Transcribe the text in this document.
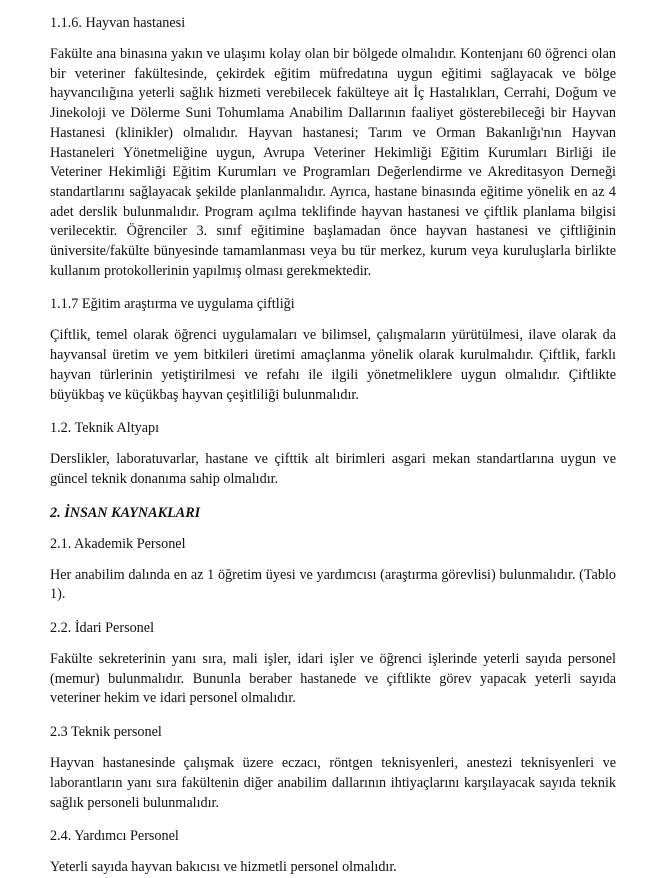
1.1.6. Hayvan hastanesi

Fakülte ana binasına yakın ve ulaşımı kolay olan bir bölgede olmalıdır. Kontenjanı 60 öğrenci olan bir veteriner fakültesinde, çekirdek eğitim müfredatına uygun eğitimi sağlayacak ve bölge hayvancılığına yeterli sağlık hizmeti verebilecek fakülteye ait İç Hastalıkları, Cerrahi, Doğum ve Jinekoloji ve Dölerme Suni Tohumlama Anabilim Dallarının faaliyet gösterebileceği bir Hayvan Hastanesi (klinikler) olmalıdır. Hayvan hastanesi; Tarım ve Orman Bakanlığı'nın Hayvan Hastaneleri Yönetmeliğine uygun, Avrupa Veteriner Hekimliği Eğitim Kurumları Birliği ile Veteriner Hekimliği Eğitim Kurumları ve Programları Değerlendirme ve Akreditasyon Derneği standartlarını sağlayacak şekilde planlanmalıdır. Ayrıca, hastane binasında eğitime yönelik en az 4 adet derslik bulunmalıdır. Program açılma teklifinde hayvan hastanesi ve çiftlik planlama bilgisi verilecektir. Öğrenciler 3. sınıf eğitimine başlamadan önce hayvan hastanesi ve çiftliğinin üniversite/fakülte bünyesinde tamamlanması veya bu tür merkez, kurum veya kuruluşlarla birlikte kullanım protokollerinin yapılmış olması gerekmektedir.

1.1.7 Eğitim araştırma ve uygulama çiftliği

Çiftlik, temel olarak öğrenci uygulamaları ve bilimsel, çalışmaların yürütülmesi, ilave olarak da hayvansal üretim ve yem bitkileri üretimi amaçlanma yönelik olarak kurulmalıdır. Çiftlik, farklı hayvan türlerinin yetiştirilmesi ve refahı ile ilgili yönetmeliklere uygun olmalıdır. Çiftlikte büyükbaş ve küçükbaş hayvan çeşitliliği bulunmalıdır.

1.2. Teknik Altyapı

Derslikler, laboratuvarlar, hastane ve çifttik alt birimleri asgari mekan standartlarına uygun ve güncel teknik donanıma sahip olmalıdır.

2. İNSAN KAYNAKLARI
2.1. Akademik Personel

Her anabilim dalında en az 1 öğretim üyesi ve yardımcısı (araştırma görevlisi) bulunmalıdır. (Tablo 1).

2.2. İdari Personel

Fakülte sekreterinin yanı sıra, mali işler, idari işler ve öğrenci işlerinde yeterli sayıda personel (memur) bulunmalıdır. Bununla beraber hastanede ve çiftlikte görev yapacak yeterli sayıda veteriner hekim ve idari personel olmalıdır.

2.3 Teknik personel

Hayvan hastanesinde çalışmak üzere eczacı, röntgen teknisyenleri, anestezi teknisyenleri ve laborantların yanı sıra fakültenin diğer anabilim dallarının ihtiyaçlarını karşılayacak sayıda teknik sağlık personeli bulunmalıdır.

2.4. Yardımcı Personel

Yeterli sayıda hayvan bakıcısı ve hizmetli personel olmalıdır.
